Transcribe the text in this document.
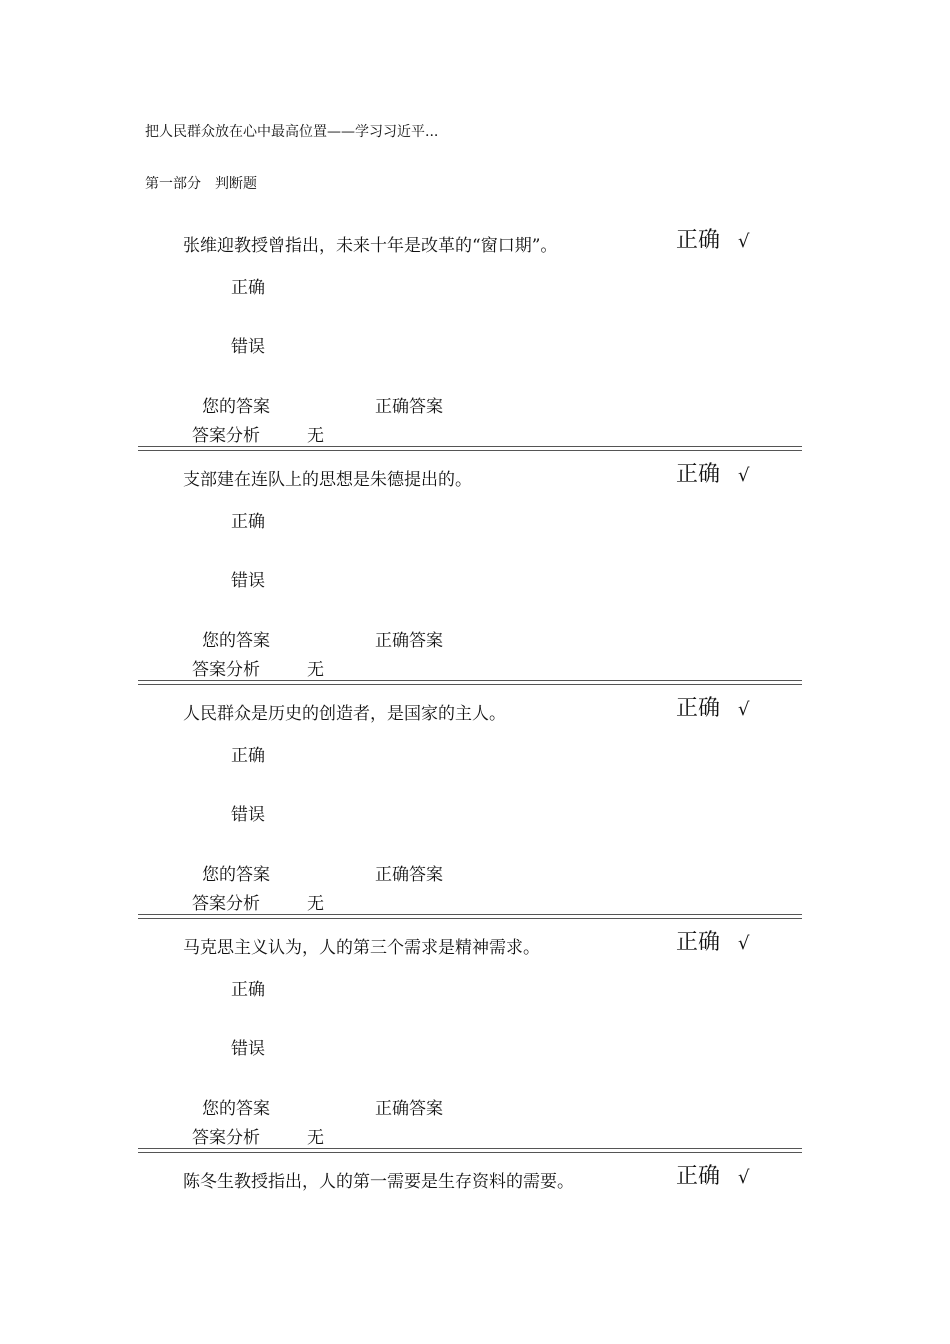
把人民群众放在心中最高位置——学习习近平...
第一部分　判断题
张维迎教授曾指出，未来十年是改革的“窗口期”。	正确 √
正确
错误
您的答案	正确答案
答案分析	无
支部建在连队上的思想是朱德提出的。	正确 √
正确
错误
您的答案	正确答案
答案分析	无
人民群众是历史的创造者，是国家的主人。	正确 √
正确
错误
您的答案	正确答案
答案分析	无
马克思主义认为，人的第三个需求是精神需求。	正确 √
正确
错误
您的答案	正确答案
答案分析	无
陈冬生教授指出，人的第一需要是生存资料的需要。	正确 √
